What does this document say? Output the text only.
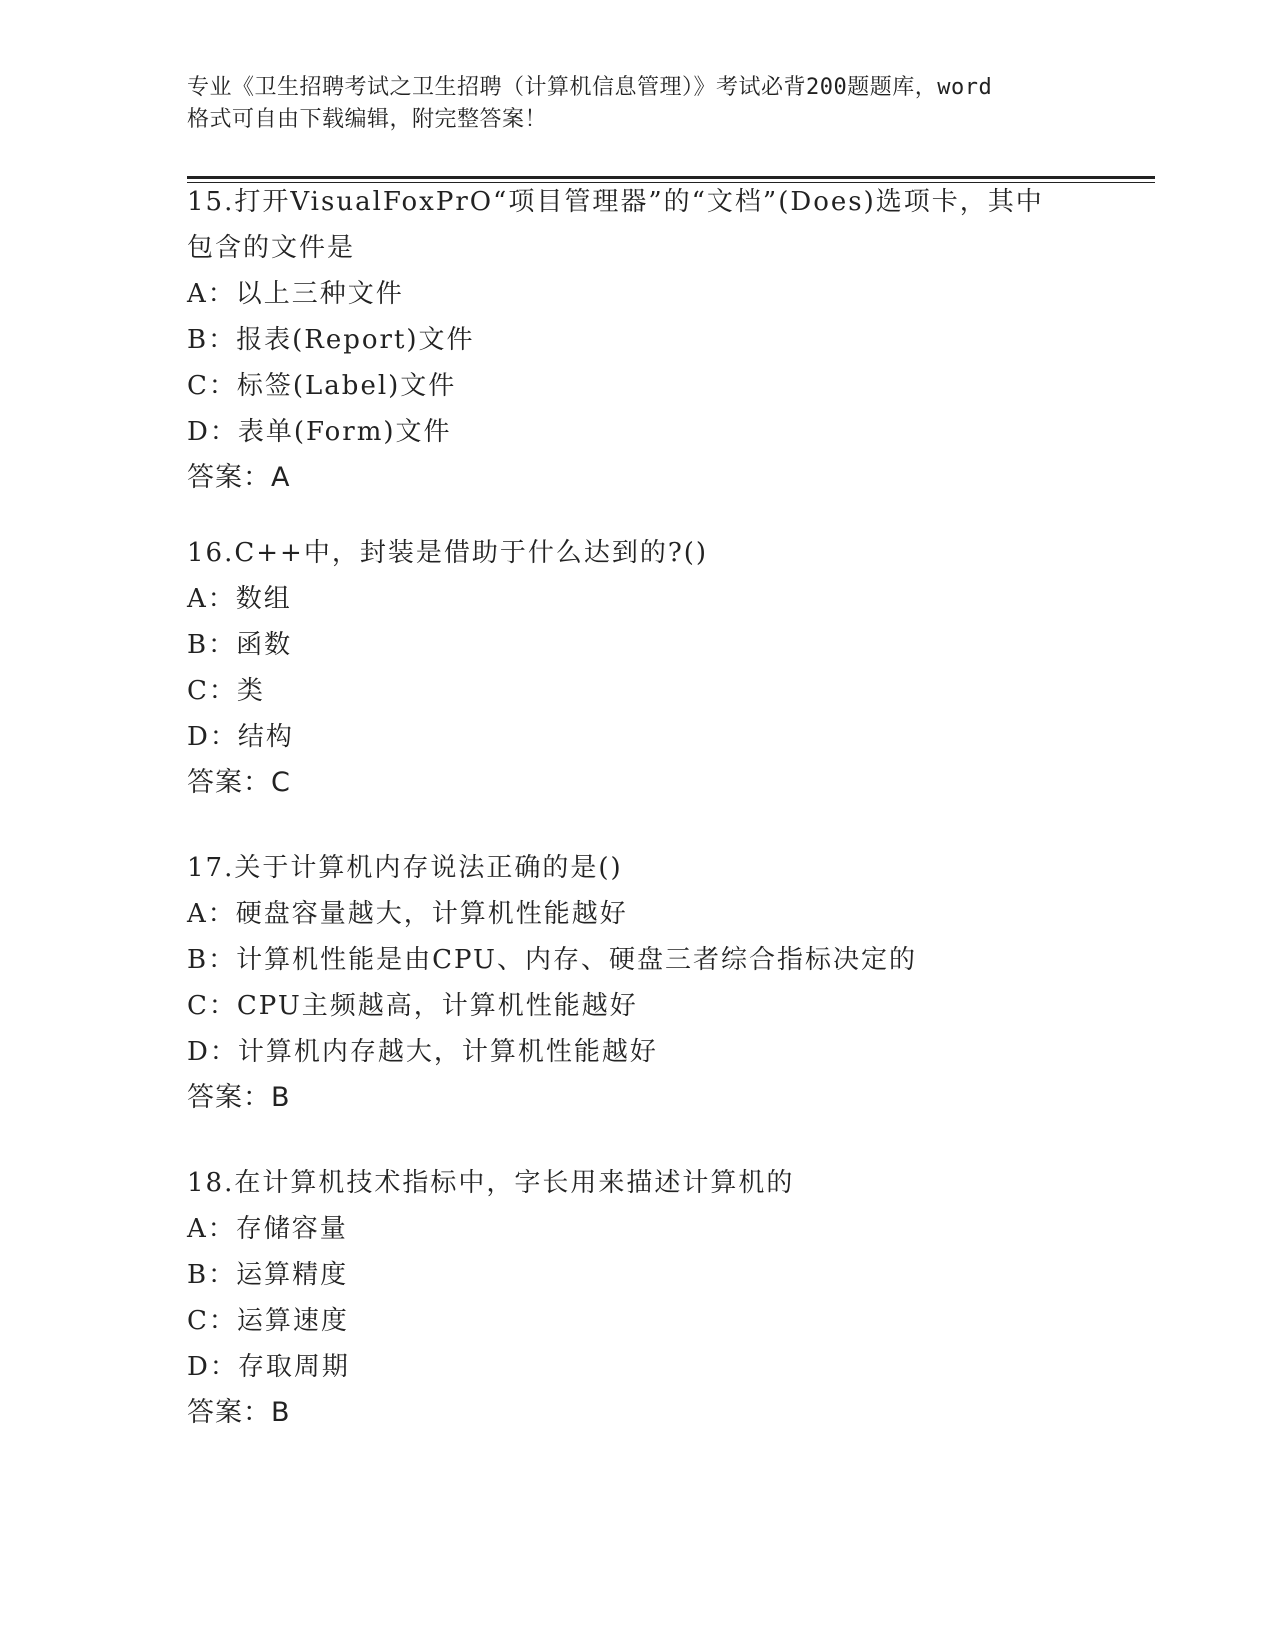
专业《卫生招聘考试之卫生招聘（计算机信息管理）》考试必背200题题库，word
格式可自由下载编辑，附完整答案！

15.打开VisualFoxPrO“项目管理器”的“文档”(Does)选项卡，其中

包含的文件是

A：以上三种文件

B：报表(Report)文件

C：标签(Label)文件

D：表单(Form)文件

答案：A

16.C++中，封装是借助于什么达到的?()

A：数组

B：函数

C：类

D：结构

答案：C

17.关于计算机内存说法正确的是()

A：硬盘容量越大，计算机性能越好

B：计算机性能是由CPU、内存、硬盘三者综合指标决定的

C：CPU主频越高，计算机性能越好

D：计算机内存越大，计算机性能越好

答案：B

18.在计算机技术指标中，字长用来描述计算机的

A：存储容量

B：运算精度

C：运算速度

D：存取周期

答案：B
